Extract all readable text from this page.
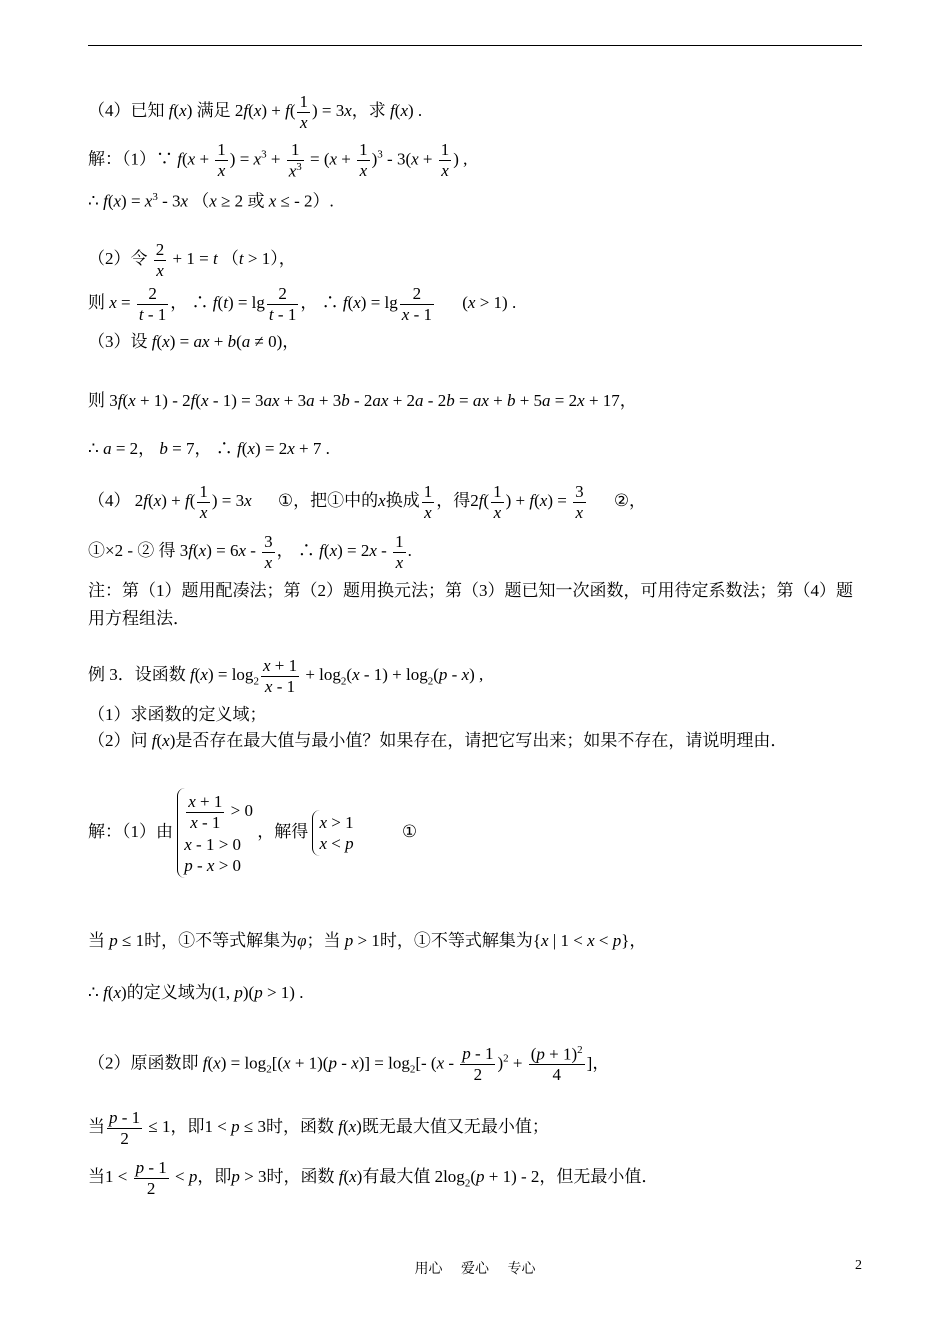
（4）已知 f(x) 满足 $2f(x) + f( \frac{1}{x}$ ) = 3x，求 f(x) .
解：（1）∵ $f(x + \frac{1}{x}$ ) = $x^3 + \frac{1}{x^3} = (x + \frac{1}{x} )^3 - 3(x + \frac{1}{x}$ ) ,
∴ $f(x) = x^3 - 3x$ （x ≥ 2 或 x ≤ - 2）.
（2）令 $\frac{2}{x} + 1 = t$ （t > 1），
则 $x = \frac{2}{t - 1}$ ， ∴ $f(t) = \lg \frac{2}{t - 1}$ ， ∴ $f(x) = \lg \frac{2}{x - 1} (x > 1)$ .
（3）设 f(x) = ax + b(a ≠ 0)，
则 3f(x + 1) - 2f(x - 1) = 3ax + 3a + 3b - 2ax + 2a - 2b = ax + b + 5a = 2x + 17，
∴ a = 2， b = 7， ∴ f(x) = 2x + 7 .
（4） $2f(x) + f( \frac{1}{x}$ ) = 3x ①，把①中的x换成 $\frac{1}{x}$ ，得$2f( \frac{1}{x}$ ) + $f(x) = \frac{3}{x}$ ②，
①×2 - ② 得 $3f(x) = 6x - \frac{3}{x}$ ， ∴ $f(x) = 2x - \frac{1}{x}$ .
注：第（1）题用配凑法；第（2）题用换元法；第（3）题已知一次函数，可用待定系数法；第（4）题
用方程组法．
例 3．设函数 $f(x) = \log_2 \frac{x + 1}{x - 1} + \log_2(x - 1) + \log_2(p - x)$ ,
（1）求函数的定义域；
（2）问 f(x)是否存在最大值与最小值？如果存在，请把它写出来；如果不存在，请说明理由．
解：（1）由 $\frac{x + 1}{x - 1} > 0$
x - 1 > 0
p - x > 0
，解得 x > 1
x < p
①
当 p ≤ 1时，①不等式解集为φ；当 p > 1时，①不等式解集为{x | 1 < x < p}，
∴ f(x)的定义域为(1, p)(p > 1) .
（2）原函数即 $f(x) = \log_2[(x + 1)(p - x)] = \log_2[-$ $(x - \frac{p - 1}{2} )^2 + \frac{(p + 1)^2}{4}$ ]，
当 $\frac{p - 1}{2} \le 1$，即1 < p ≤ 3时，函数 f(x)既无最大值又无最小值；
当$1 < \frac{p - 1}{2} < p$，即p > 3时，函数 f(x)有最大值 $2\log_2(p + 1) - 2$，但无最小值．
用心　 爱心　 专心	2
